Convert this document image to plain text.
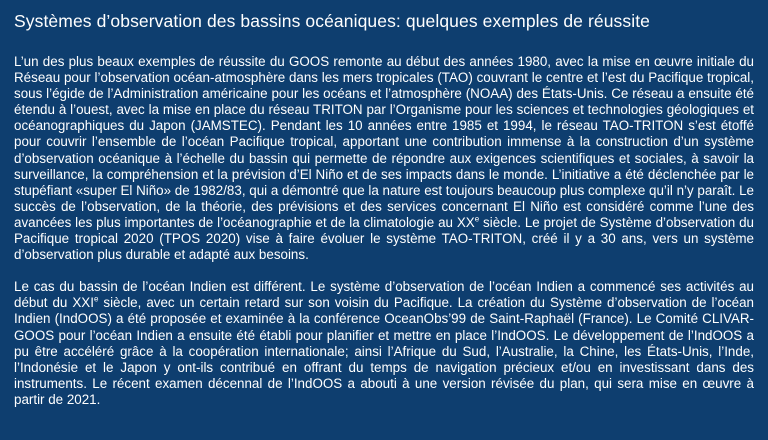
Systèmes d’observation des bassins océaniques: quelques exemples de réussite

L’un des plus beaux exemples de réussite du GOOS remonte au début des années 1980, avec la mise en œuvre initiale du Réseau pour l’observation océan-atmosphère dans les mers tropicales (TAO) couvrant le centre et l’est du Pacifique tropical, sous l’égide de l’Administration américaine pour les océans et l’atmosphère (NOAA) des États-Unis. Ce réseau a ensuite été étendu à l’ouest, avec la mise en place du réseau TRITON par l’Organisme pour les sciences et technologies géologiques et océanographiques du Japon (JAMSTEC). Pendant les 10 années entre 1985 et 1994, le réseau TAO-TRITON s’est étoffé pour couvrir l’ensemble de l’océan Pacifique tropical, apportant une contribution immense à la construction d’un système d’observation océanique à l’échelle du bassin qui permette de répondre aux exigences scientifiques et sociales, à savoir la surveillance, la compréhension et la prévision d’El Niño et de ses impacts dans le monde. L’initiative a été déclenchée par le stupéfiant «super El Niño» de 1982/83, qui a démontré que la nature est toujours beaucoup plus complexe qu’il n’y paraît. Le succès de l’observation, de la théorie, des prévisions et des services concernant El Niño est considéré comme l’une des avancées les plus importantes de l’océanographie et de la climatologie au XXe siècle. Le projet de Système d’observation du Pacifique tropical 2020 (TPOS 2020) vise à faire évoluer le système TAO-TRITON, créé il y a 30 ans, vers un système d’observation plus durable et adapté aux besoins.

Le cas du bassin de l’océan Indien est différent. Le système d’observation de l’océan Indien a commencé ses activités au début du XXIe siècle, avec un certain retard sur son voisin du Pacifique. La création du Système d’observation de l’océan Indien (IndOOS) a été proposée et examinée à la conférence OceanObs’99 de Saint-Raphaël (France). Le Comité CLIVAR-GOOS pour l’océan Indien a ensuite été établi pour planifier et mettre en place l’IndOOS. Le développement de l’IndOOS a pu être accéléré grâce à la coopération internationale; ainsi l’Afrique du Sud, l’Australie, la Chine, les États-Unis, l’Inde, l’Indonésie et le Japon y ont-ils contribué en offrant du temps de navigation précieux et/ou en investissant dans des instruments. Le récent examen décennal de l’IndOOS a abouti à une version révisée du plan, qui sera mise en œuvre à partir de 2021.
